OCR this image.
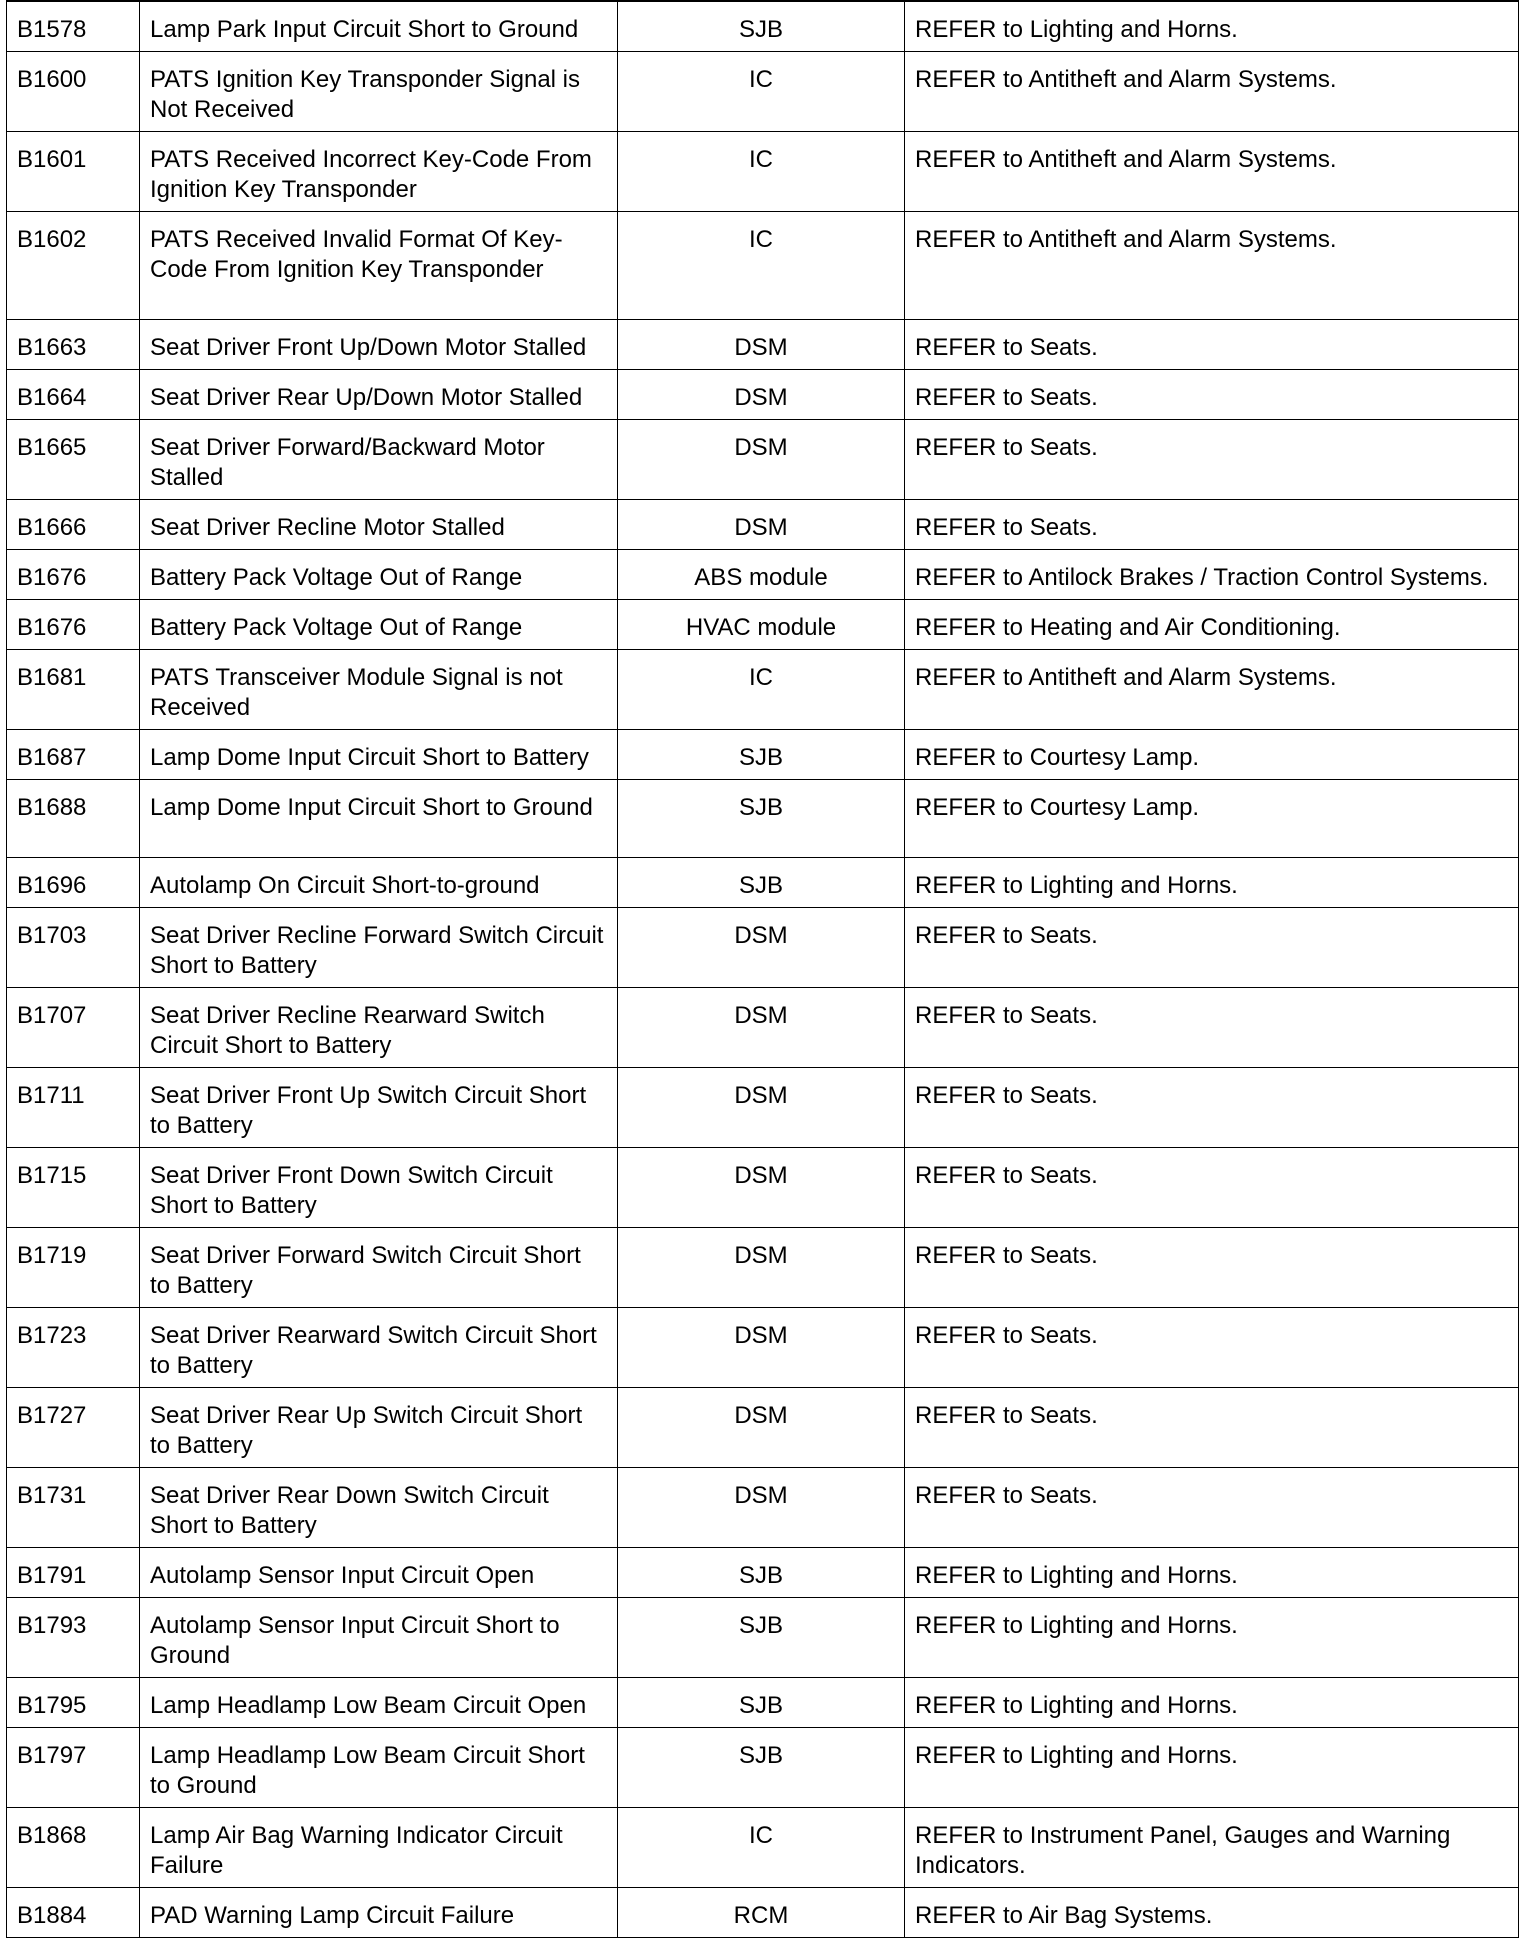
B1578	Lamp Park Input Circuit Short to Ground	SJB	REFER to Lighting and Horns.
B1600	PATS Ignition Key Transponder Signal is Not Received	IC	REFER to Antitheft and Alarm Systems.
B1601	PATS Received Incorrect Key-Code From Ignition Key Transponder	IC	REFER to Antitheft and Alarm Systems.
B1602	PATS Received Invalid Format Of Key-Code From Ignition Key Transponder	IC	REFER to Antitheft and Alarm Systems.
B1663	Seat Driver Front Up/Down Motor Stalled	DSM	REFER to Seats.
B1664	Seat Driver Rear Up/Down Motor Stalled	DSM	REFER to Seats.
B1665	Seat Driver Forward/Backward Motor Stalled	DSM	REFER to Seats.
B1666	Seat Driver Recline Motor Stalled	DSM	REFER to Seats.
B1676	Battery Pack Voltage Out of Range	ABS module	REFER to Antilock Brakes / Traction Control Systems.
B1676	Battery Pack Voltage Out of Range	HVAC module	REFER to Heating and Air Conditioning.
B1681	PATS Transceiver Module Signal is not Received	IC	REFER to Antitheft and Alarm Systems.
B1687	Lamp Dome Input Circuit Short to Battery	SJB	REFER to Courtesy Lamp.
B1688	Lamp Dome Input Circuit Short to Ground	SJB	REFER to Courtesy Lamp.
B1696	Autolamp On Circuit Short-to-ground	SJB	REFER to Lighting and Horns.
B1703	Seat Driver Recline Forward Switch Circuit Short to Battery	DSM	REFER to Seats.
B1707	Seat Driver Recline Rearward Switch Circuit Short to Battery	DSM	REFER to Seats.
B1711	Seat Driver Front Up Switch Circuit Short to Battery	DSM	REFER to Seats.
B1715	Seat Driver Front Down Switch Circuit Short to Battery	DSM	REFER to Seats.
B1719	Seat Driver Forward Switch Circuit Short to Battery	DSM	REFER to Seats.
B1723	Seat Driver Rearward Switch Circuit Short to Battery	DSM	REFER to Seats.
B1727	Seat Driver Rear Up Switch Circuit Short to Battery	DSM	REFER to Seats.
B1731	Seat Driver Rear Down Switch Circuit Short to Battery	DSM	REFER to Seats.
B1791	Autolamp Sensor Input Circuit Open	SJB	REFER to Lighting and Horns.
B1793	Autolamp Sensor Input Circuit Short to Ground	SJB	REFER to Lighting and Horns.
B1795	Lamp Headlamp Low Beam Circuit Open	SJB	REFER to Lighting and Horns.
B1797	Lamp Headlamp Low Beam Circuit Short to Ground	SJB	REFER to Lighting and Horns.
B1868	Lamp Air Bag Warning Indicator Circuit Failure	IC	REFER to Instrument Panel, Gauges and Warning Indicators.
B1884	PAD Warning Lamp Circuit Failure	RCM	REFER to Air Bag Systems.
